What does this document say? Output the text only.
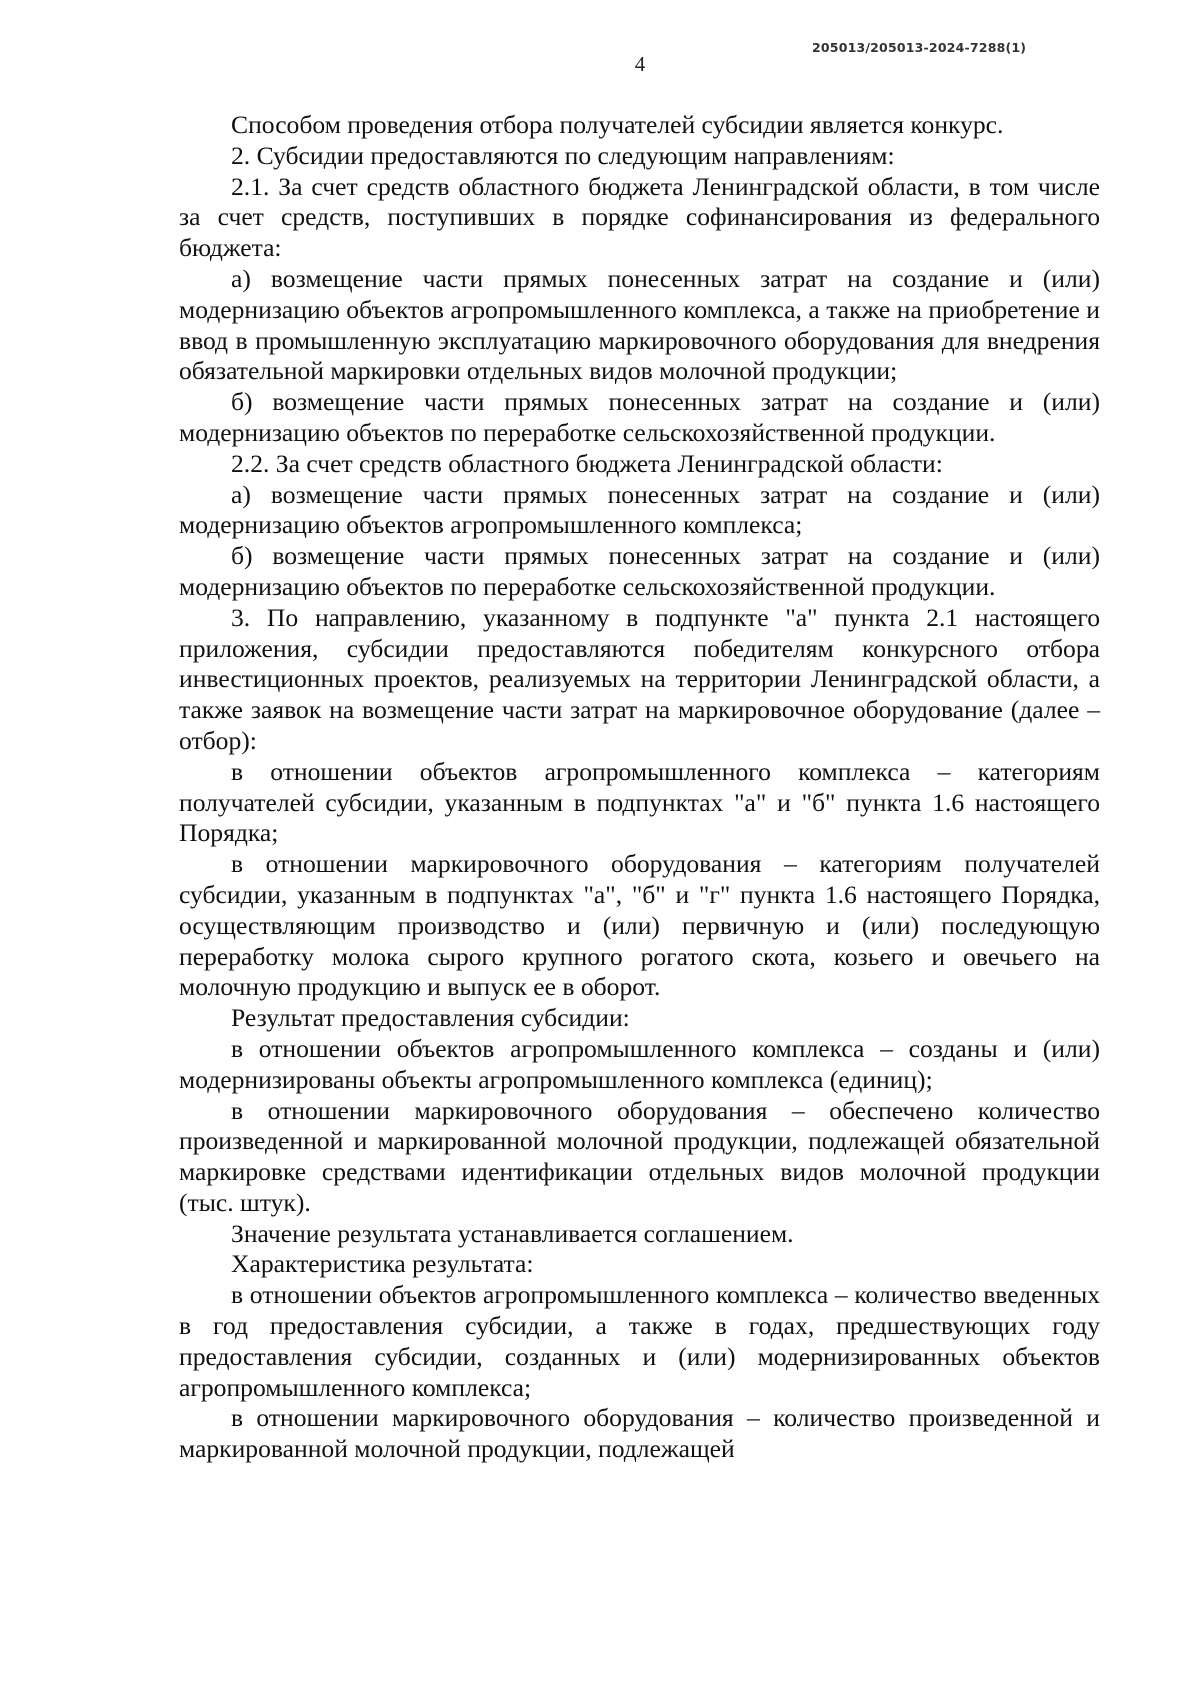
205013/205013-2024-7288(1)
4

Способом проведения отбора получателей субсидии является конкурс.

2. Субсидии предоставляются по следующим направлениям:

2.1. За счет средств областного бюджета Ленинградской области, в том числе за счет средств, поступивших в порядке софинансирования из федерального бюджета:

а) возмещение части прямых понесенных затрат на создание и (или) модернизацию объектов агропромышленного комплекса, а также на приобретение и ввод в промышленную эксплуатацию маркировочного оборудования для внедрения обязательной маркировки отдельных видов молочной продукции;

б) возмещение части прямых понесенных затрат на создание и (или) модернизацию объектов по переработке сельскохозяйственной продукции.

2.2. За счет средств областного бюджета Ленинградской области:

а) возмещение части прямых понесенных затрат на создание и (или) модернизацию объектов агропромышленного комплекса;

б) возмещение части прямых понесенных затрат на создание и (или) модернизацию объектов по переработке сельскохозяйственной продукции.

3. По направлению, указанному в подпункте "а" пункта 2.1 настоящего приложения, субсидии предоставляются победителям конкурсного отбора инвестиционных проектов, реализуемых на территории Ленинградской области, а также заявок на возмещение части затрат на маркировочное оборудование (далее – отбор):

в отношении объектов агропромышленного комплекса – категориям получателей субсидии, указанным в подпунктах "а" и "б" пункта 1.6 настоящего Порядка;

в отношении маркировочного оборудования – категориям получателей субсидии, указанным в подпунктах "а", "б" и "г" пункта 1.6 настоящего Порядка, осуществляющим производство и (или) первичную и (или) последующую переработку молока сырого крупного рогатого скота, козьего и овечьего на молочную продукцию и выпуск ее в оборот.

Результат предоставления субсидии:

в отношении объектов агропромышленного комплекса – созданы и (или) модернизированы объекты агропромышленного комплекса (единиц);

в отношении маркировочного оборудования – обеспечено количество произведенной и маркированной молочной продукции, подлежащей обязательной маркировке средствами идентификации отдельных видов молочной продукции (тыс. штук).

Значение результата устанавливается соглашением.

Характеристика результата:

в отношении объектов агропромышленного комплекса – количество введенных в год предоставления субсидии, а также в годах, предшествующих году предоставления субсидии, созданных и (или) модернизированных объектов агропромышленного комплекса;

в отношении маркировочного оборудования – количество произведенной и маркированной молочной продукции, подлежащей
